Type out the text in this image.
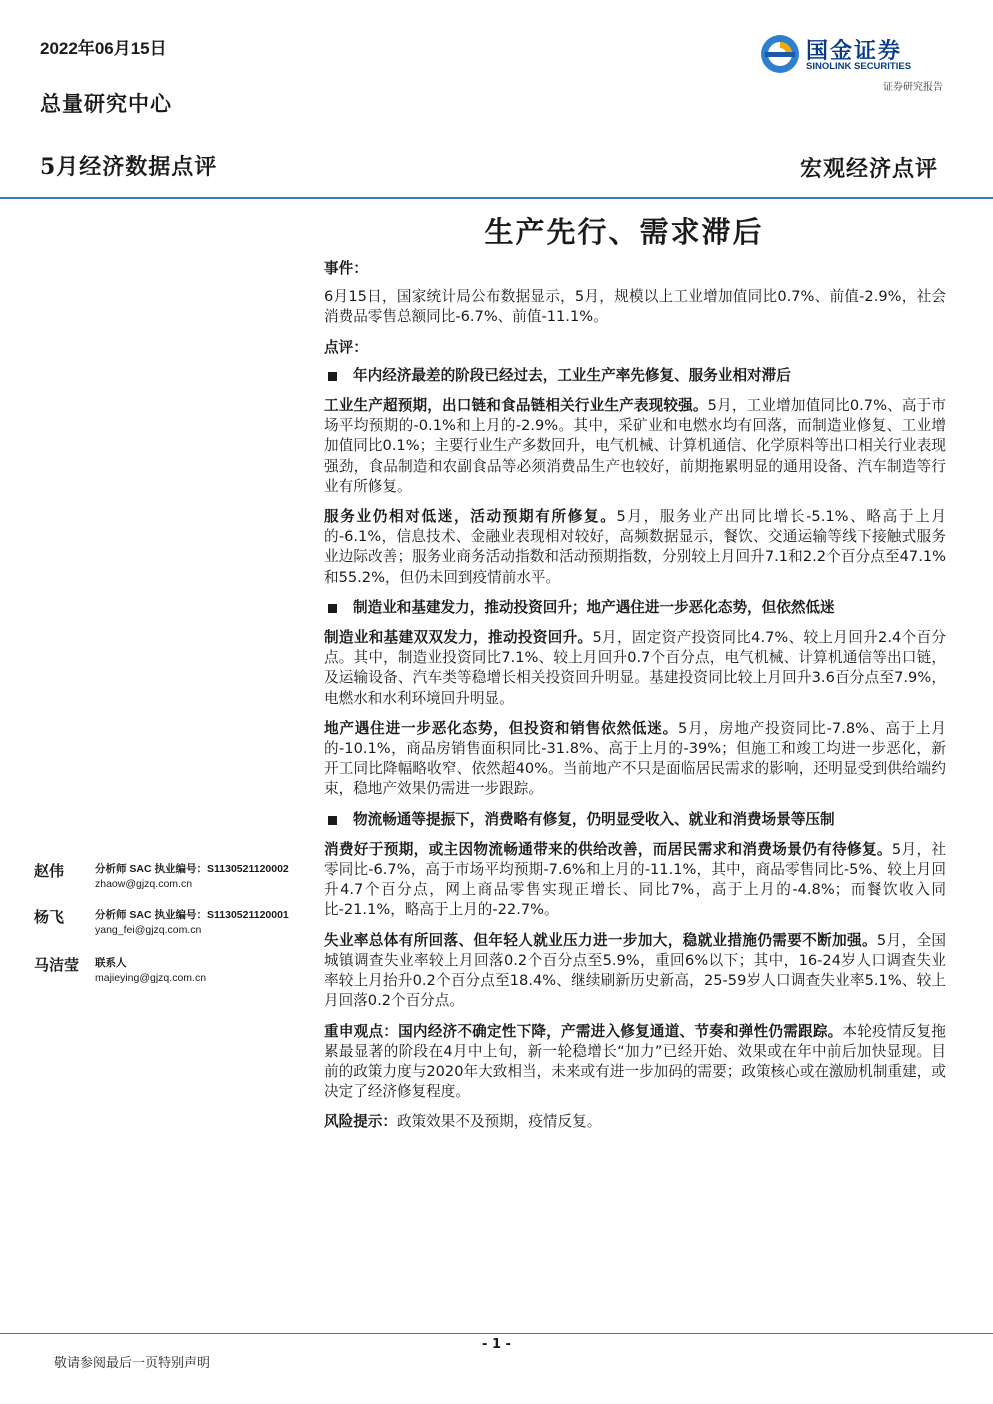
2022年06月15日
总量研究中心
5月经济数据点评	宏观经济点评
国金证券
SINOLINK SECURITIES
证券研究报告
生产先行、需求滞后
事件：

6月15日，国家统计局公布数据显示，5月，规模以上工业增加值同比0.7%、前值-2.9%，社会消费品零售总额同比-6.7%、前值-11.1%。

点评：
年内经济最差的阶段已经过去，工业生产率先修复、服务业相对滞后

工业生产超预期，出口链和食品链相关行业生产表现较强。5月，工业增加值同比0.7%、高于市场平均预期的-0.1%和上月的-2.9%。其中，采矿业和电燃水均有回落，而制造业修复、工业增加值同比0.1%；主要行业生产多数回升，电气机械、计算机通信、化学原料等出口相关行业表现强劲，食品制造和农副食品等必须消费品生产也较好，前期拖累明显的通用设备、汽车制造等行业有所修复。

服务业仍相对低迷，活动预期有所修复。5月，服务业产出同比增长-5.1%、略高于上月的-6.1%，信息技术、金融业表现相对较好，高频数据显示，餐饮、交通运输等线下接触式服务业边际改善；服务业商务活动指数和活动预期指数，分别较上月回升7.1和2.2个百分点至47.1%和55.2%，但仍未回到疫情前水平。

制造业和基建发力，推动投资回升；地产遇住进一步恶化态势，但依然低迷

制造业和基建双双发力，推动投资回升。5月，固定资产投资同比4.7%、较上月回升2.4个百分点。其中，制造业投资同比7.1%、较上月回升0.7个百分点，电气机械、计算机通信等出口链，及运输设备、汽车类等稳增长相关投资回升明显。基建投资同比较上月回升3.6百分点至7.9%，电燃水和水利环境回升明显。

地产遇住进一步恶化态势，但投资和销售依然低迷。5月，房地产投资同比-7.8%、高于上月的-10.1%，商品房销售面积同比-31.8%、高于上月的-39%；但施工和竣工均进一步恶化，新开工同比降幅略收窄、依然超40%。当前地产不只是面临居民需求的影响，还明显受到供给端约束，稳地产效果仍需进一步跟踪。

物流畅通等提振下，消费略有修复，仍明显受收入、就业和消费场景等压制

消费好于预期，或主因物流畅通带来的供给改善，而居民需求和消费场景仍有待修复。5月，社零同比-6.7%，高于市场平均预期-7.6%和上月的-11.1%，其中，商品零售同比-5%、较上月回升4.7个百分点，网上商品零售实现正增长、同比7%，高于上月的-4.8%；而餐饮收入同比-21.1%，略高于上月的-22.7%。

失业率总体有所回落、但年轻人就业压力进一步加大，稳就业措施仍需要不断加强。5月，全国城镇调查失业率较上月回落0.2个百分点至5.9%，重回6%以下；其中，16-24岁人口调查失业率较上月抬升0.2个百分点至18.4%、继续刷新历史新高，25-59岁人口调查失业率5.1%、较上月回落0.2个百分点。

重申观点：国内经济不确定性下降，产需进入修复通道、节奏和弹性仍需跟踪。本轮疫情反复拖累最显著的阶段在4月中上旬，新一轮稳增长“加力”已经开始、效果或在年中前后加快显现。目前的政策力度与2020年大致相当，未来或有进一步加码的需要；政策核心或在激励机制重建，或决定了经济修复程度。

风险提示：政策效果不及预期，疫情反复。

赵伟	分析师 SAC 执业编号：S1130521120002
zhaow@gjzq.com.cn
杨飞	分析师 SAC 执业编号：S1130521120001
yang_fei@gjzq.com.cn
马洁莹 联系人
majieying@gjzq.com.cn
- 1 -
敬请参阅最后一页特别声明
